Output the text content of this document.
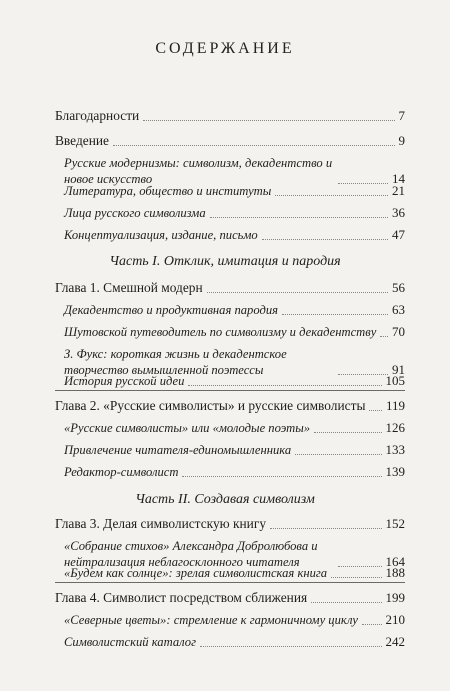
СОДЕРЖАНИЕ
Благодарности	7
Введение	9
Русские модернизмы: символизм, декадентство и новое искусство	14
Литература, общество и институты	21
Лица русского символизма	36
Концептуализация, издание, письмо	47
Часть I. Отклик, имитация и пародия
Глава 1. Смешной модерн	56
Декадентство и продуктивная пародия	63
Шутовской путеводитель по символизму и декадентству 70
З. Фукс: короткая жизнь и декадентское творчество вымышленной поэтессы	91
История русской идеи	105
Глава 2. «Русские символисты» и русские символисты 119
«Русские символисты» или «молодые поэты»	126
Привлечение читателя-единомышленника	133
Редактор-символист	139
Часть II. Создавая символизм
Глава 3. Делая символистскую книгу	152
«Собрание стихов» Александра Добролюбова и нейтрализация неблагосклонного читателя	164
«Будем как солнце»: зрелая символистская книга	188
Глава 4. Символист посредством сближения	199
«Северные цветы»: стремление к гармоничному циклу 210
Символистский каталог	242
